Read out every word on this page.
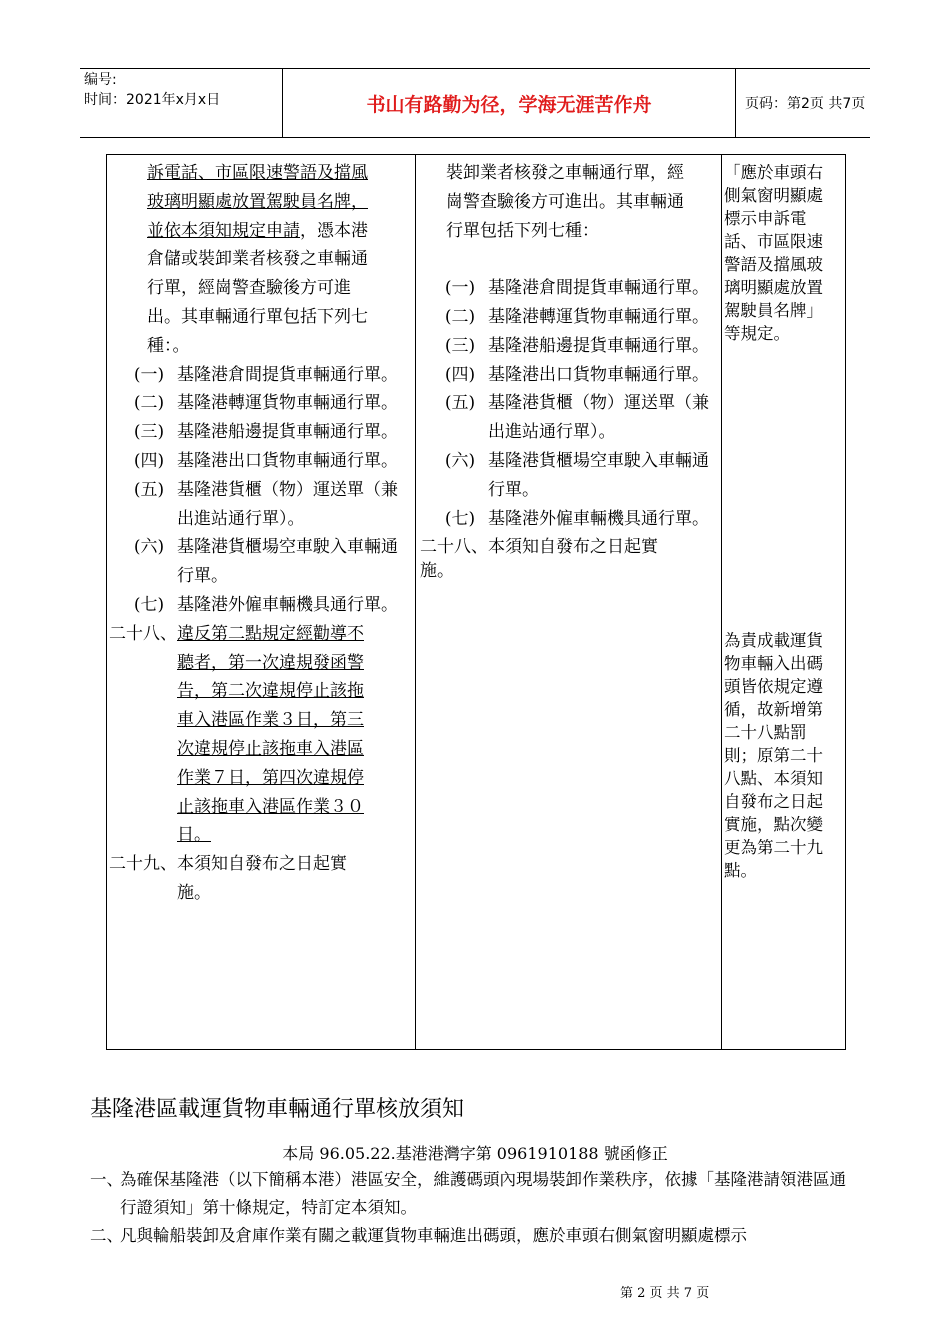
编号:
时间：2021年x月x日	书山有路勤为径，学海无涯苦作舟	页码：第2页 共7页
訴電話、市區限速警語及擋風
玻璃明顯處放置駕駛員名牌，
並依本須知規定申請，憑本港
倉儲或裝卸業者核發之車輛通
行單，經崗警查驗後方可進
出。其車輛通行單包括下列七
種：。
(一) 基隆港倉間提貨車輛通行單。
(二) 基隆港轉運貨物車輛通行單。
(三) 基隆港船邊提貨車輛通行單。
(四) 基隆港出口貨物車輛通行單。
(五) 基隆港貨櫃（物）運送單（兼出進站通行單）。
(六) 基隆港貨櫃場空車駛入車輛通行單。
(七) 基隆港外僱車輛機具通行單。
二十八、 違反第二點規定經勸導不
聽者，第一次違規發函警
告，第二次違規停止該拖
車入港區作業３日，第三
次違規停止該拖車入港區
作業７日，第四次違規停
止該拖車入港區作業３０
日。
二十九、 本須知自發布之日起實
施。
裝卸業者核發之車輛通行單，經
崗警查驗後方可進出。其車輛通
行單包括下列七種：
(一) 基隆港倉間提貨車輛通行單。
(二) 基隆港轉運貨物車輛通行單。
(三) 基隆港船邊提貨車輛通行單。
(四) 基隆港出口貨物車輛通行單。
(五) 基隆港貨櫃（物）運送單（兼出進站通行單）。
(六) 基隆港貨櫃場空車駛入車輛通行單。
(七) 基隆港外僱車輛機具通行單。
二十八、本須知自發布之日起實
施。
「應於車頭右
側氣窗明顯處
標示申訴電
話、市區限速
警語及擋風玻
璃明顯處放置
駕駛員名牌」
等規定。
為責成載運貨
物車輛入出碼
頭皆依規定遵
循，故新增第
二十八點罰
則；原第二十
八點、本須知
自發布之日起
實施，點次變
更為第二十九
點。
基隆港區載運貨物車輛通行單核放須知
本局 96.05.22.基港港灣字第 0961910188 號函修正
一、
為確保基隆港（以下簡稱本港）港區安全，維護碼頭內現場裝卸作業秩序，依據「基隆港請領港區通行證須知」第十條規定，特訂定本須知。
二、
凡與輪船裝卸及倉庫作業有關之載運貨物車輛進出碼頭，應於車頭右側氣窗明顯處標示
第 2 页 共 7 页
